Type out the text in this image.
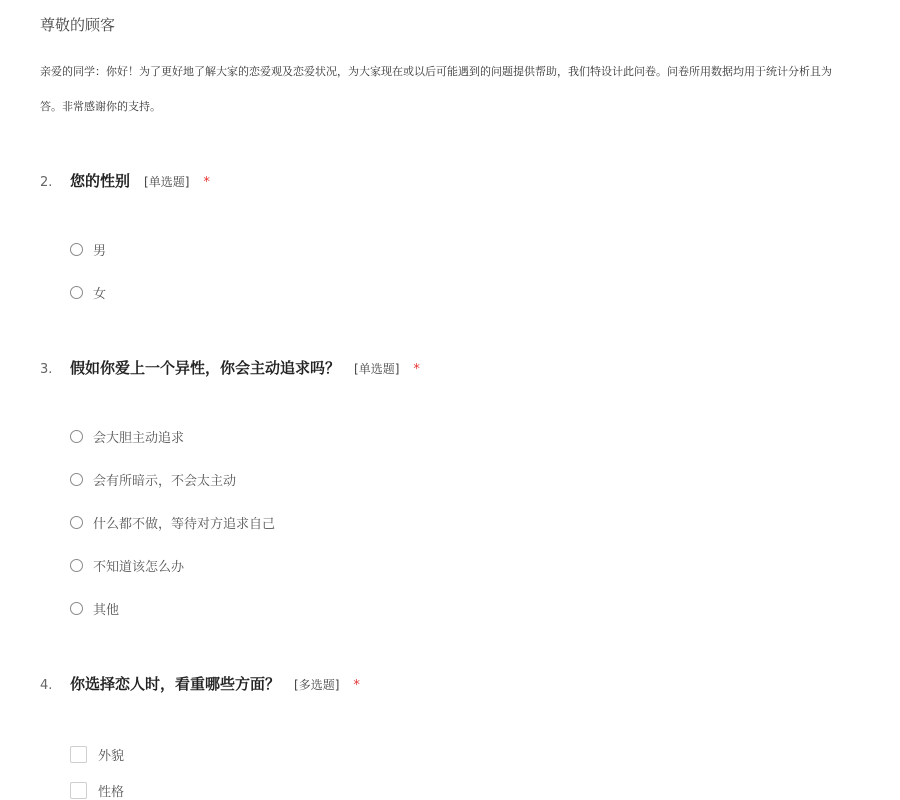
尊敬的顾客
亲爱的同学：你好！为了更好地了解大家的恋爱观及恋爱状况，为大家现在或以后可能遇到的问题提供帮助，我们特设计此问卷。问卷所用数据均用于统计分析且为
答。非常感谢你的支持。
2.	您的性别 [单选题] *
男
女
3.	假如你爱上一个异性，你会主动追求吗？ [单选题] *
会大胆主动追求
会有所暗示，不会太主动
什么都不做，等待对方追求自己
不知道该怎么办
其他
4.	你选择恋人时，看重哪些方面？ [多选题] *
外貌
性格
